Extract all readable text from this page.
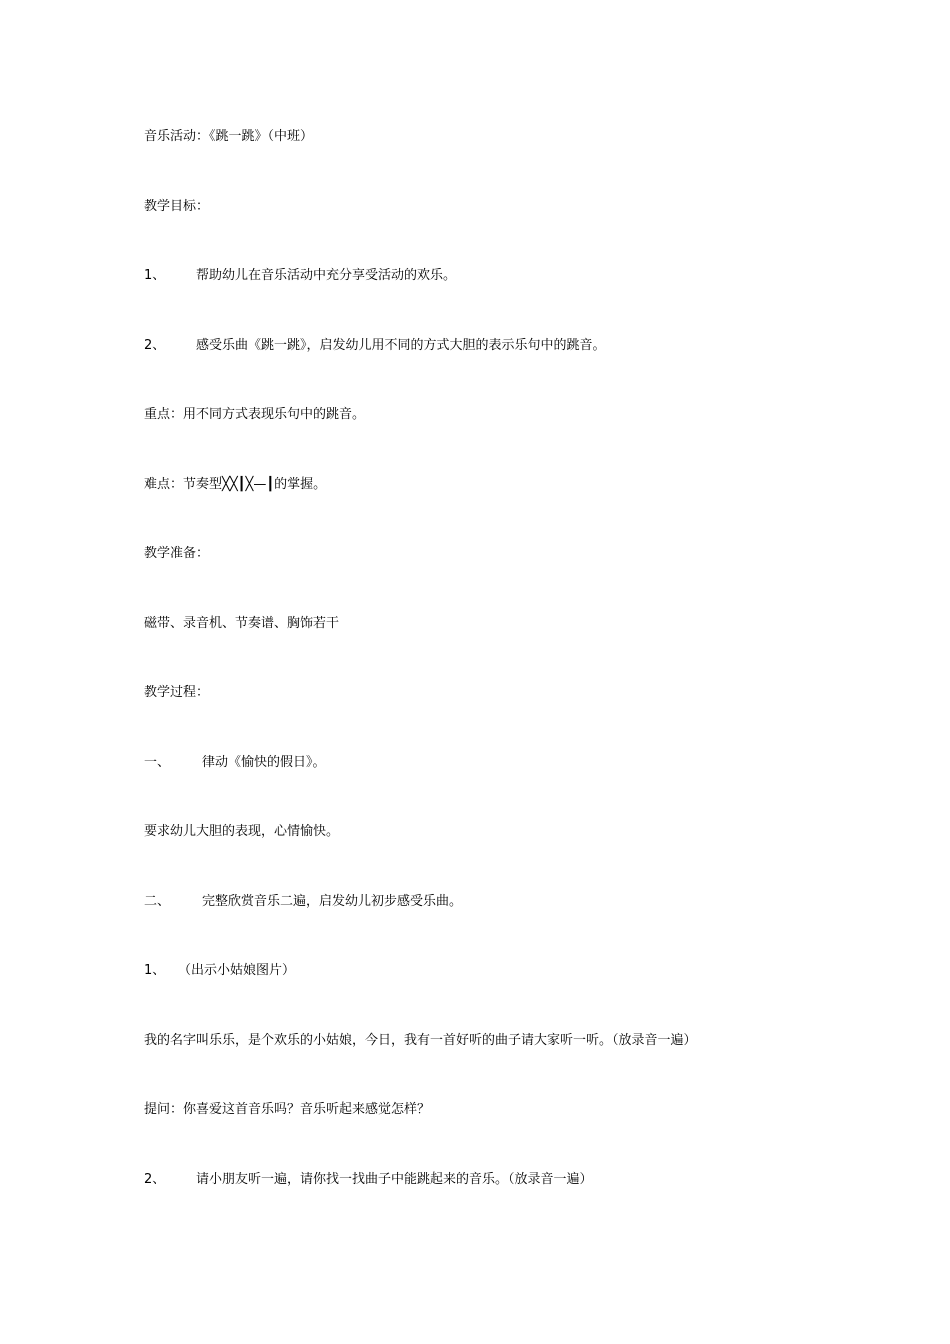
音乐活动：《跳一跳》（中班）
教学目标：
1、 帮助幼儿在音乐活动中充分享受活动的欢乐。
2、 感受乐曲《跳一跳》，启发幼儿用不同的方式大胆的表示乐句中的跳音。
重点：用不同方式表现乐句中的跳音。
难点：节奏型╳╳┃╳—┃的掌握。
教学准备：
磁带、录音机、节奏谱、胸饰若干
教学过程：
一、 律动《愉快的假日》。
要求幼儿大胆的表现，心情愉快。
二、 完整欣赏音乐二遍，启发幼儿初步感受乐曲。
1、 （出示小姑娘图片）
我的名字叫乐乐，是个欢乐的小姑娘，今日，我有一首好听的曲子请大家听一听。（放录音一遍）
提问：你喜爱这首音乐吗？音乐听起来感觉怎样？
2、 请小朋友听一遍，请你找一找曲子中能跳起来的音乐。（放录音一遍）
